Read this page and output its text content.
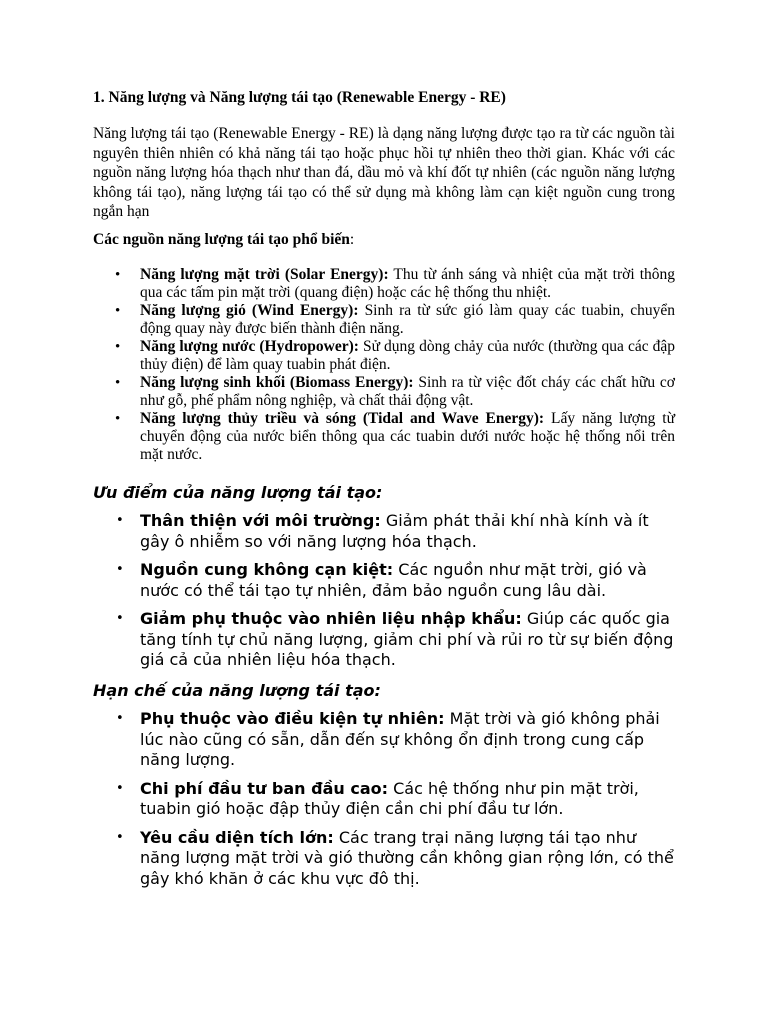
1. Năng lượng và Năng lượng tái tạo (Renewable Energy - RE)
Năng lượng tái tạo (Renewable Energy - RE) là dạng năng lượng được tạo ra từ các nguồn tài nguyên thiên nhiên có khả năng tái tạo hoặc phục hồi tự nhiên theo thời gian. Khác với các nguồn năng lượng hóa thạch như than đá, dầu mỏ và khí đốt tự nhiên (các nguồn năng lượng không tái tạo), năng lượng tái tạo có thể sử dụng mà không làm cạn kiệt nguồn cung trong ngắn hạn
Các nguồn năng lượng tái tạo phổ biến:
• Năng lượng mặt trời (Solar Energy): Thu từ ánh sáng và nhiệt của mặt trời thông qua các tấm pin mặt trời (quang điện) hoặc các hệ thống thu nhiệt.
• Năng lượng gió (Wind Energy): Sinh ra từ sức gió làm quay các tuabin, chuyển động quay này được biến thành điện năng.
• Năng lượng nước (Hydropower): Sử dụng dòng chảy của nước (thường qua các đập thủy điện) để làm quay tuabin phát điện.
• Năng lượng sinh khối (Biomass Energy): Sinh ra từ việc đốt cháy các chất hữu cơ như gỗ, phế phẩm nông nghiệp, và chất thải động vật.
• Năng lượng thủy triều và sóng (Tidal and Wave Energy): Lấy năng lượng từ chuyển động của nước biển thông qua các tuabin dưới nước hoặc hệ thống nổi trên mặt nước.
Ưu điểm của năng lượng tái tạo:
• Thân thiện với môi trường: Giảm phát thải khí nhà kính và ít gây ô nhiễm so với năng lượng hóa thạch.
• Nguồn cung không cạn kiệt: Các nguồn như mặt trời, gió và nước có thể tái tạo tự nhiên, đảm bảo nguồn cung lâu dài.
• Giảm phụ thuộc vào nhiên liệu nhập khẩu: Giúp các quốc gia tăng tính tự chủ năng lượng, giảm chi phí và rủi ro từ sự biến động giá cả của nhiên liệu hóa thạch.
Hạn chế của năng lượng tái tạo:
• Phụ thuộc vào điều kiện tự nhiên: Mặt trời và gió không phải lúc nào cũng có sẵn, dẫn đến sự không ổn định trong cung cấp năng lượng.
• Chi phí đầu tư ban đầu cao: Các hệ thống như pin mặt trời, tuabin gió hoặc đập thủy điện cần chi phí đầu tư lớn.
• Yêu cầu diện tích lớn: Các trang trại năng lượng tái tạo như năng lượng mặt trời và gió thường cần không gian rộng lớn, có thể gây khó khăn ở các khu vực đô thị.
